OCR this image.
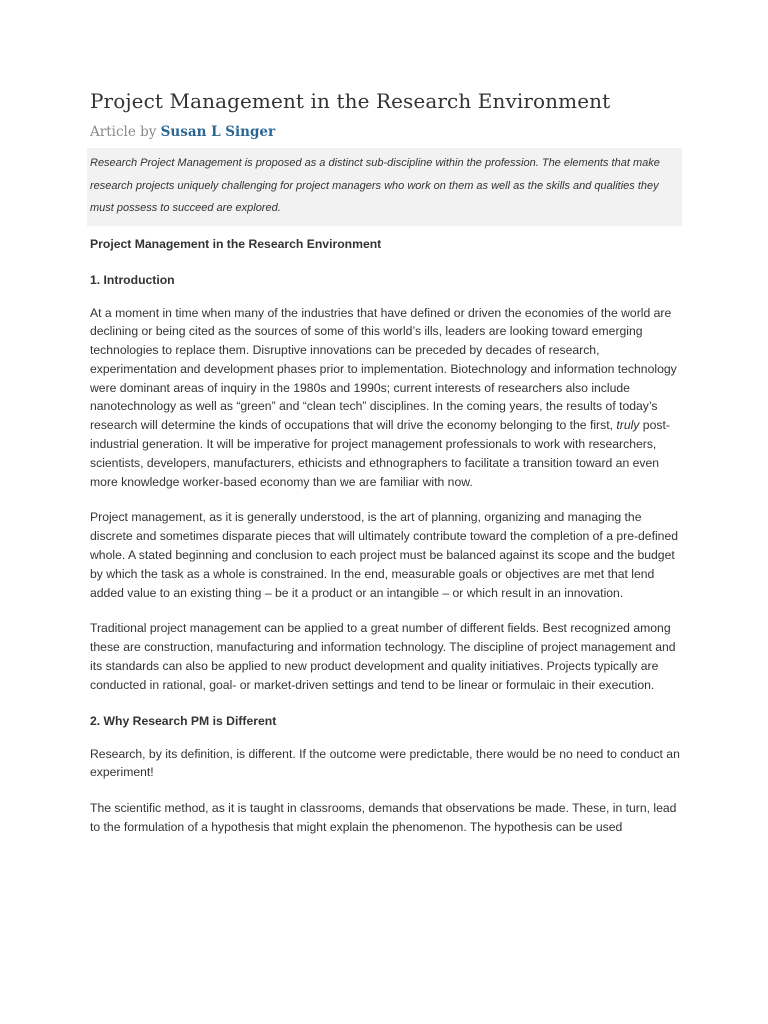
Project Management in the Research Environment
Article by Susan L Singer
Research Project Management is proposed as a distinct sub-discipline within the profession. The elements that make research projects uniquely challenging for project managers who work on them as well as the skills and qualities they must possess to succeed are explored.

Project Management in the Research Environment

1. Introduction

At a moment in time when many of the industries that have defined or driven the economies of the world are declining or being cited as the sources of some of this world’s ills, leaders are looking toward emerging technologies to replace them. Disruptive innovations can be preceded by decades of research, experimentation and development phases prior to implementation. Biotechnology and information technology were dominant areas of inquiry in the 1980s and 1990s; current interests of researchers also include nanotechnology as well as “green” and “clean tech” disciplines. In the coming years, the results of today’s research will determine the kinds of occupations that will drive the economy belonging to the first, truly post-industrial generation. It will be imperative for project management professionals to work with researchers, scientists, developers, manufacturers, ethicists and ethnographers to facilitate a transition toward an even more knowledge worker-based economy than we are familiar with now.

Project management, as it is generally understood, is the art of planning, organizing and managing the discrete and sometimes disparate pieces that will ultimately contribute toward the completion of a pre-defined whole. A stated beginning and conclusion to each project must be balanced against its scope and the budget by which the task as a whole is constrained. In the end, measurable goals or objectives are met that lend added value to an existing thing – be it a product or an intangible – or which result in an innovation.

Traditional project management can be applied to a great number of different fields. Best recognized among these are construction, manufacturing and information technology. The discipline of project management and its standards can also be applied to new product development and quality initiatives. Projects typically are conducted in rational, goal- or market-driven settings and tend to be linear or formulaic in their execution.

2. Why Research PM is Different

Research, by its definition, is different. If the outcome were predictable, there would be no need to conduct an experiment!

The scientific method, as it is taught in classrooms, demands that observations be made. These, in turn, lead to the formulation of a hypothesis that might explain the phenomenon. The hypothesis can be used
